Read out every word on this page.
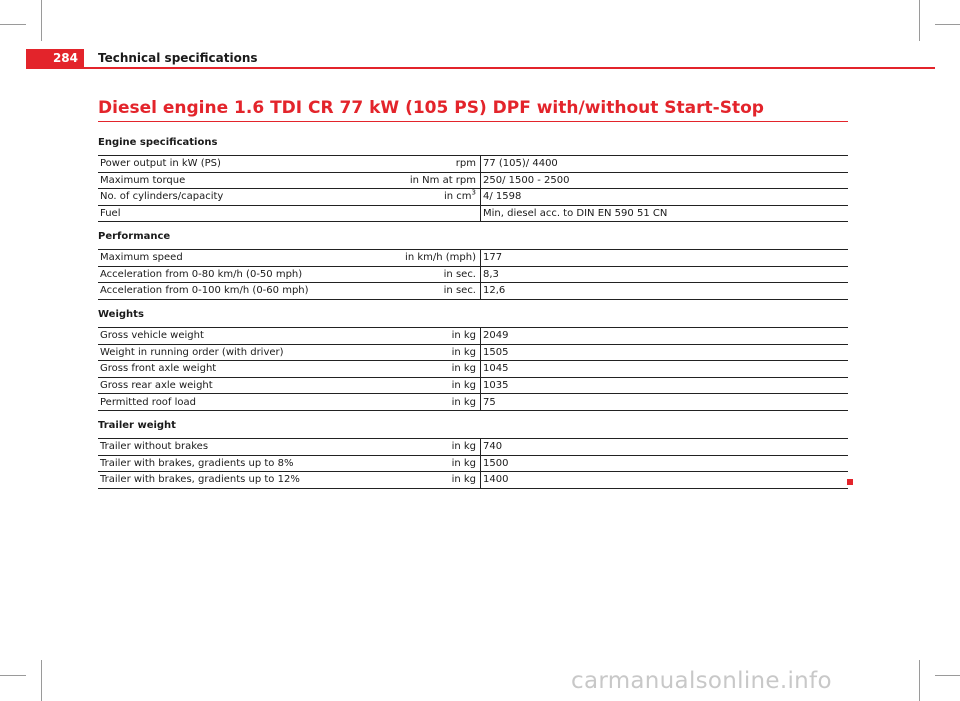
284	Technical specifications
Diesel engine 1.6 TDI CR 77 kW (105 PS) DPF with/without Start-Stop
Engine specifications
Power output in kW (PS)	rpm	77 (105)/ 4400
Maximum torque	in Nm at rpm	250/ 1500 - 2500
No. of cylinders/capacity	in $cm^3$	4/ 1598
Fuel		Min, diesel acc. to DIN EN 590 51 CN
Performance
Maximum speed	in km/h (mph)	177
Acceleration from 0-80 km/h (0-50 mph)	in sec.	8,3
Acceleration from 0-100 km/h (0-60 mph)	in sec.	12,6
Weights
Gross vehicle weight	in kg	2049
Weight in running order (with driver)	in kg	1505
Gross front axle weight	in kg	1045
Gross rear axle weight	in kg	1035
Permitted roof load	in kg	75
Trailer weight
Trailer without brakes	in kg	740
Trailer with brakes, gradients up to 8%	in kg	1500
Trailer with brakes, gradients up to 12%	in kg	1400
carmanualsonline.info
